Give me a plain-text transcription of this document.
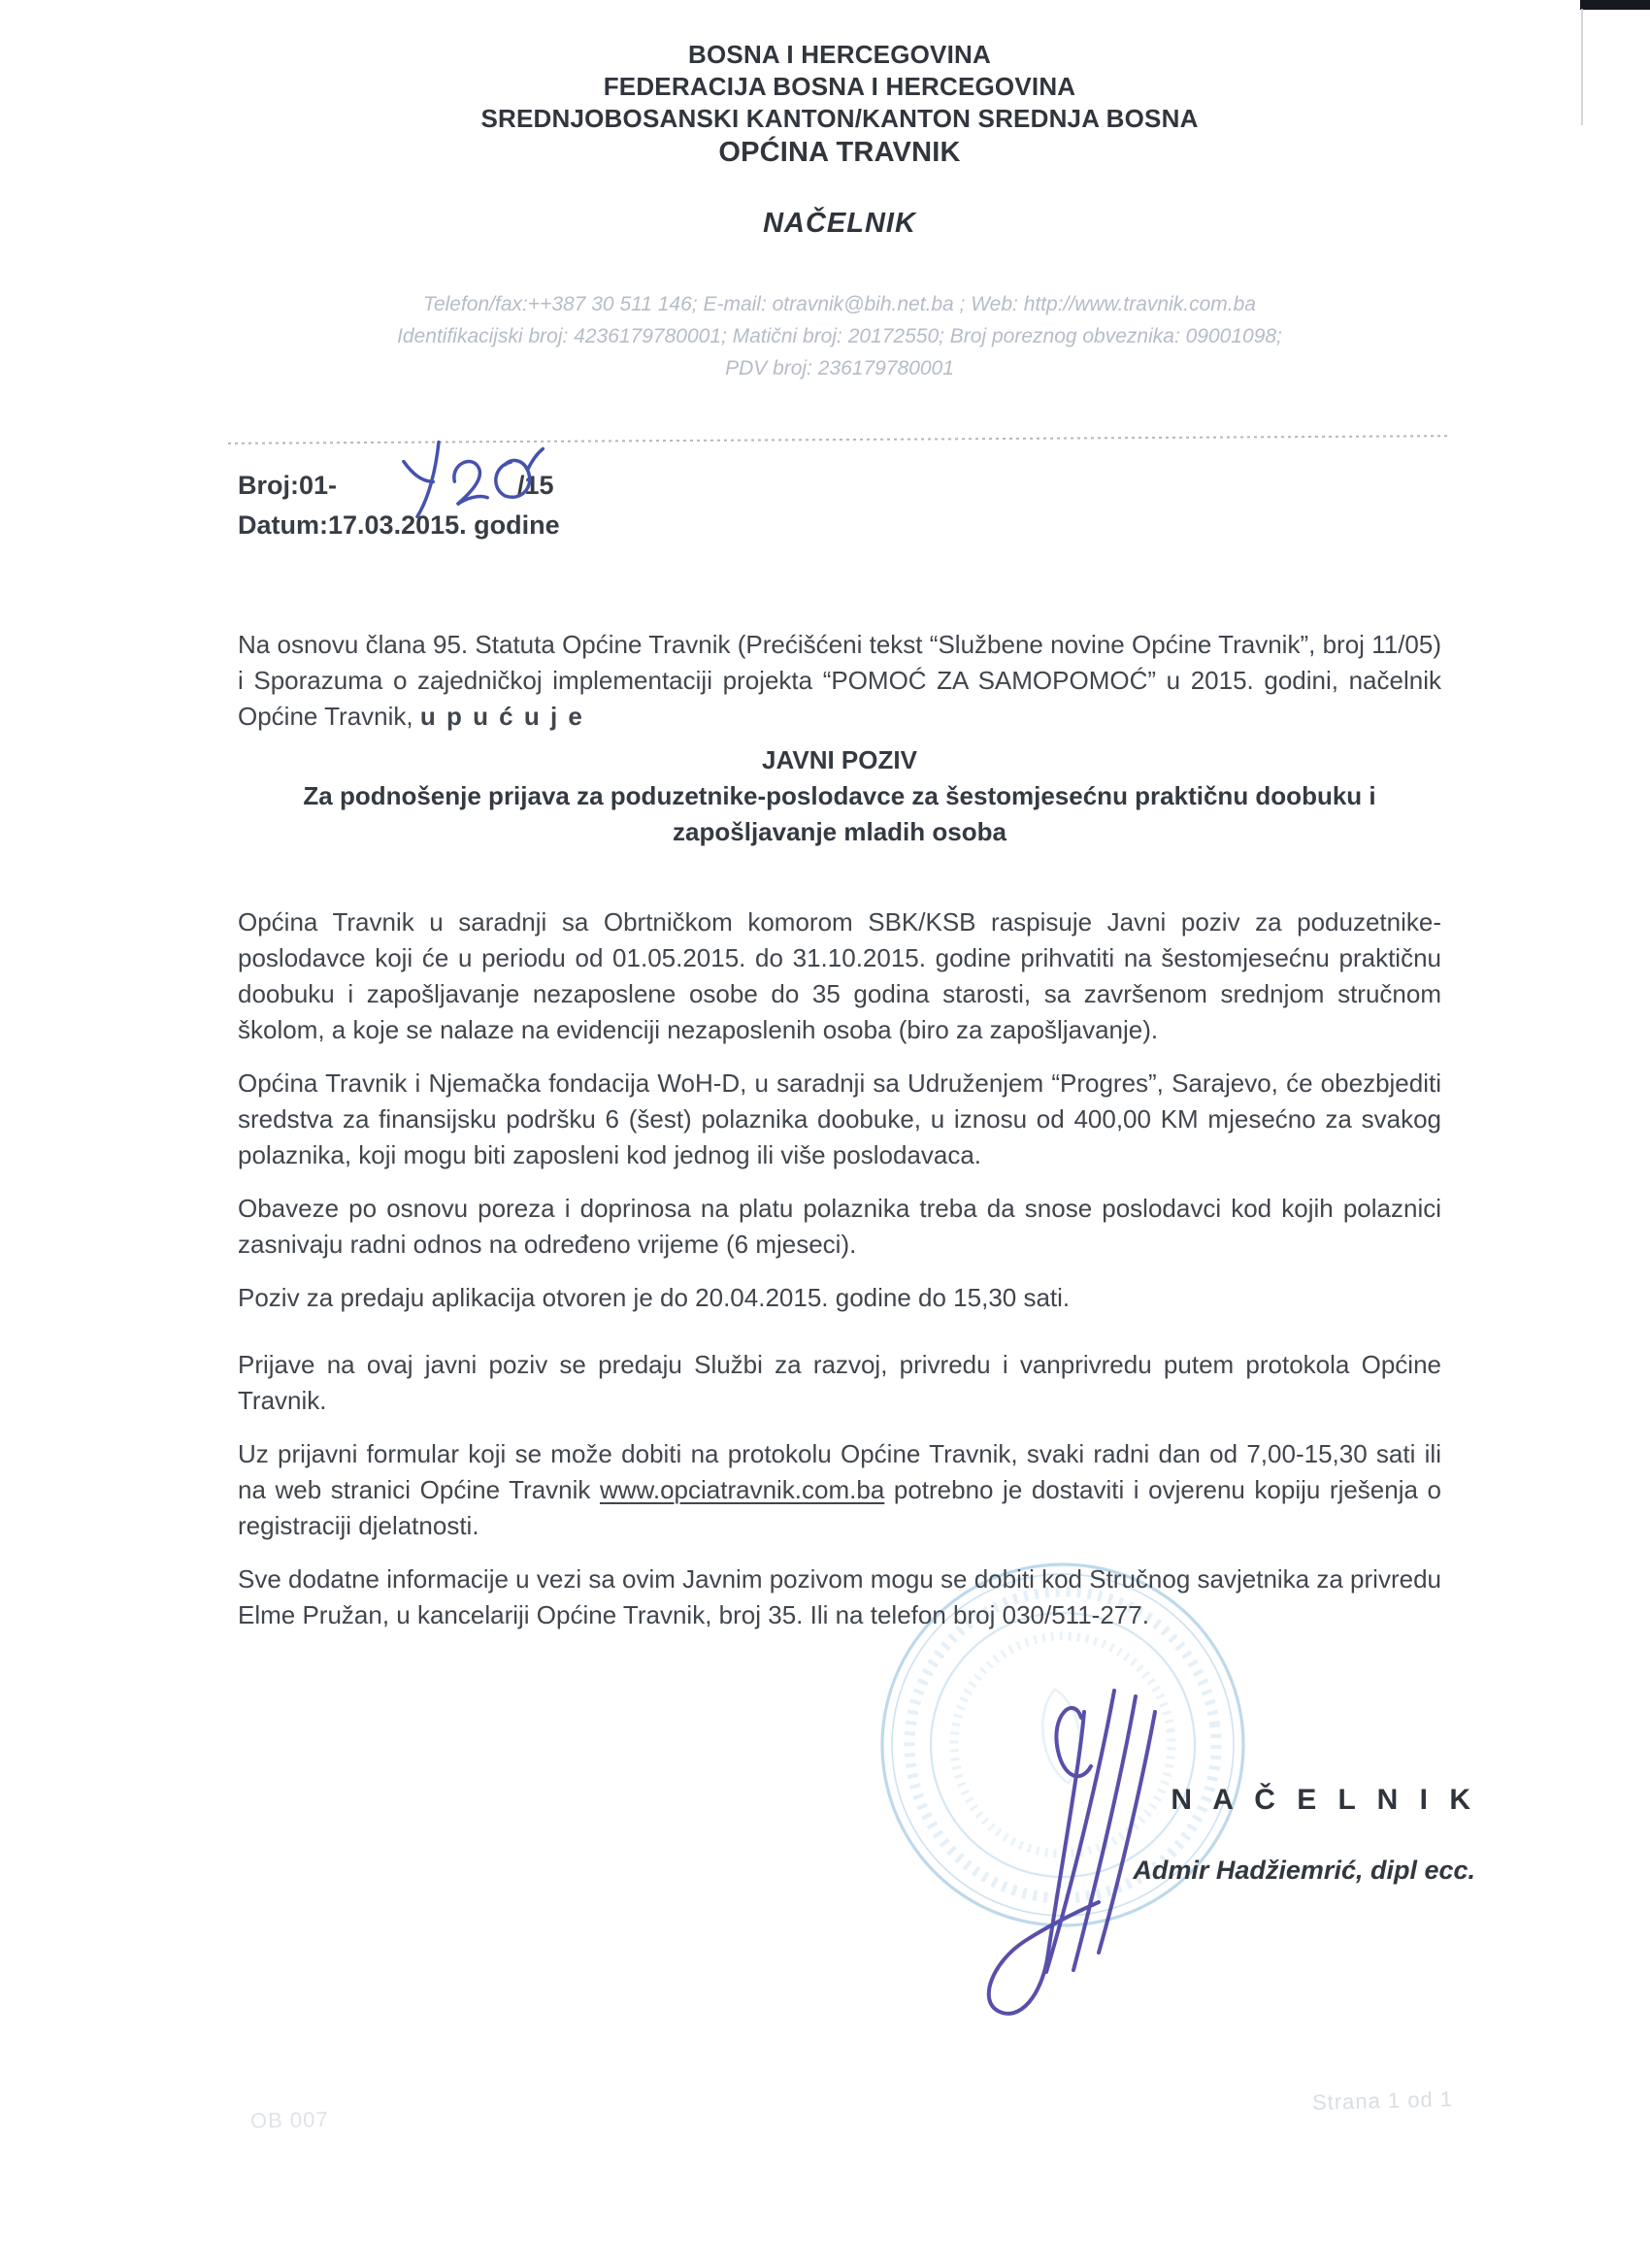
BOSNA I HERCEGOVINA
FEDERACIJA BOSNA I HERCEGOVINA
SREDNJOBOSANSKI KANTON/KANTON SREDNJA BOSNA
OPĆINA TRAVNIK
NAČELNIK
Telefon/fax:++387 30 511 146; E-mail: otravnik@bih.net.ba ; Web: http://www.travnik.com.ba
Identifikacijski broj: 4236179780001; Matični broj: 20172550; Broj poreznog obveznika: 09001098;
PDV broj: 236179780001
Broj:01-	/15
Datum:17.03.2015. godine

Na osnovu člana 95. Statuta Općine Travnik (Prećišćeni tekst “Službene novine Općine Travnik”, broj 11/05) i Sporazuma o zajedničkoj implementaciji projekta “POMOĆ ZA SAMOPOMOĆ” u 2015. godini, načelnik Općine Travnik, u p u ć u j e

JAVNI POZIV
Za podnošenje prijava za poduzetnike-poslodavce za šestomjesećnu praktičnu doobuku i zapošljavanje mladih osoba

Općina Travnik u saradnji sa Obrtničkom komorom SBK/KSB raspisuje Javni poziv za poduzetnike-poslodavce koji će u periodu od 01.05.2015. do 31.10.2015. godine prihvatiti na šestomjesećnu praktičnu doobuku i zapošljavanje nezaposlene osobe do 35 godina starosti, sa završenom srednjom stručnom školom, a koje se nalaze na evidenciji nezaposlenih osoba (biro za zapošljavanje).

Općina Travnik i Njemačka fondacija WoH-D, u saradnji sa Udruženjem “Progres”, Sarajevo, će obezbjediti sredstva za finansijsku podršku 6 (šest) polaznika doobuke, u iznosu od 400,00 KM mjesećno za svakog polaznika, koji mogu biti zaposleni kod jednog ili više poslodavaca.

Obaveze po osnovu poreza i doprinosa na platu polaznika treba da snose poslodavci kod kojih polaznici zasnivaju radni odnos na određeno vrijeme (6 mjeseci).

Poziv za predaju aplikacija otvoren je do 20.04.2015. godine do 15,30 sati.

Prijave na ovaj javni poziv se predaju Službi za razvoj, privredu i vanprivredu putem protokola Općine Travnik.

Uz prijavni formular koji se može dobiti na protokolu Općine Travnik, svaki radni dan od 7,00-15,30 sati ili na web stranici Općine Travnik www.opciatravnik.com.ba potrebno je dostaviti i ovjerenu kopiju rješenja o registraciji djelatnosti.

Sve dodatne informacije u vezi sa ovim Javnim pozivom mogu se dobiti kod Stručnog savjetnika za privredu Elme Pružan, u kancelariji Općine Travnik, broj 35. Ili na telefon broj 030/511-277.

N A Č E L N I K
Admir Hadžiemrić, dipl ecc.
OB 007
Strana 1 od 1
